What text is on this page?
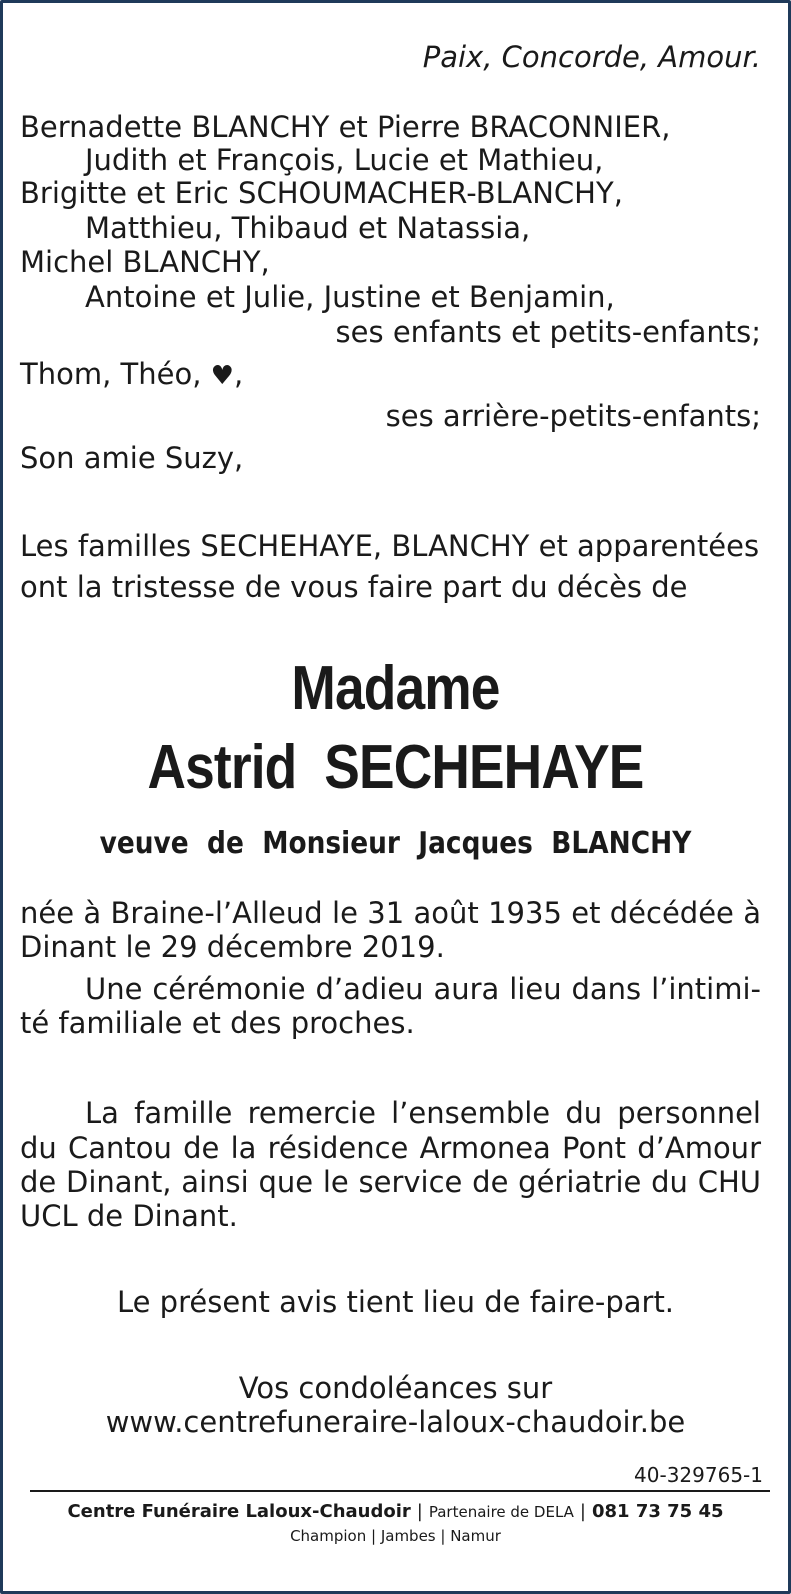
Paix, Concorde, Amour.

Bernadette BLANCHY et Pierre BRACONNIER,

Judith et François, Lucie et Mathieu,

Brigitte et Eric SCHOUMACHER-BLANCHY,

Matthieu, Thibaud et Natassia,

Michel BLANCHY,

Antoine et Julie, Justine et Benjamin,

ses enfants et petits-enfants;

Thom, Théo, ♥,

ses arrière-petits-enfants;

Son amie Suzy,

Les familles SECHEHAYE, BLANCHY et apparentées

ont la tristesse de vous faire part du décès de

Madame

Astrid  SECHEHAYE

veuve  de  Monsieur  Jacques  BLANCHY

née à Braine-l’Alleud le 31 août 1935 et décédée à

Dinant le 29 décembre 2019.

Une cérémonie d’adieu aura lieu dans l’intimi-

té familiale et des proches.

La famille remercie l’ensemble du personnel

du Cantou de la résidence Armonea Pont d’Amour

de Dinant, ainsi que le service de gériatrie du CHU

UCL de Dinant.

Le présent avis tient lieu de faire-part.

Vos condoléances sur

www.centrefuneraire-laloux-chaudoir.be

40-329765-1
Centre Funéraire Laloux-Chaudoir | Partenaire de DELA | 081 73 75 45
Champion | Jambes | Namur
